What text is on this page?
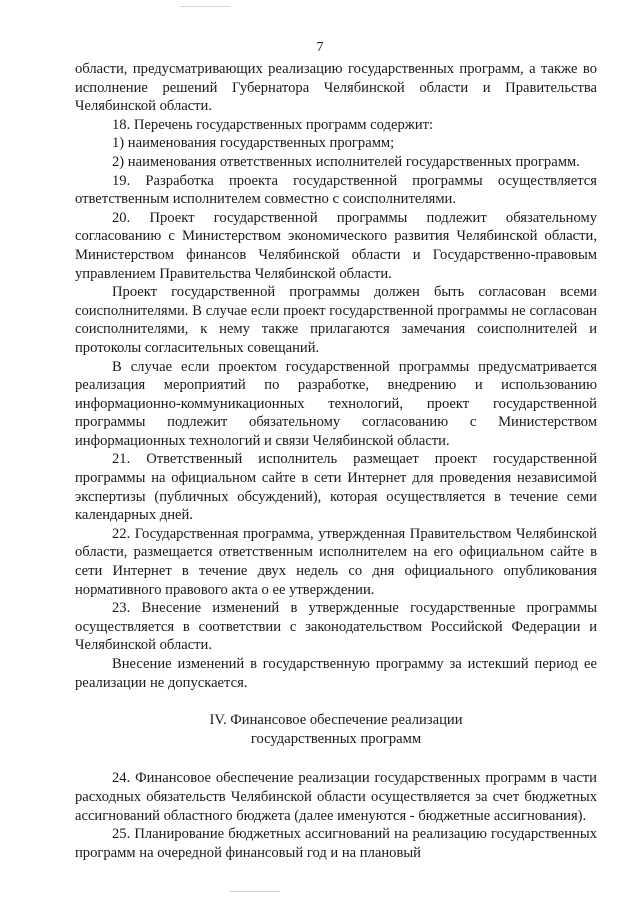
7

области, предусматривающих реализацию государственных программ, а также во исполнение решений Губернатора Челябинской области и Правительства Челябинской области.

18. Перечень государственных программ содержит:

1) наименования государственных программ;

2) наименования ответственных исполнителей государственных программ.

19. Разработка проекта государственной программы осуществляется ответственным исполнителем совместно с соисполнителями.

20. Проект государственной программы подлежит обязательному согласованию с Министерством экономического развития Челябинской области, Министерством финансов Челябинской области и Государственно-правовым управлением Правительства Челябинской области.

Проект государственной программы должен быть согласован всеми соисполнителями. В случае если проект государственной программы не согласован соисполнителями, к нему также прилагаются замечания соисполнителей и протоколы согласительных совещаний.

В случае если проектом государственной программы предусматривается реализация мероприятий по разработке, внедрению и использованию информационно-коммуникационных технологий, проект государственной программы подлежит обязательному согласованию с Министерством информационных технологий и связи Челябинской области.

21. Ответственный исполнитель размещает проект государственной программы на официальном сайте в сети Интернет для проведения независимой экспертизы (публичных обсуждений), которая осуществляется в течение семи календарных дней.

22. Государственная программа, утвержденная Правительством Челябинской области, размещается ответственным исполнителем на его официальном сайте в сети Интернет в течение двух недель со дня официального опубликования нормативного правового акта о ее утверждении.

23. Внесение изменений в утвержденные государственные программы осуществляется в соответствии с законодательством Российской Федерации и Челябинской области.

Внесение изменений в государственную программу за истекший период ее реализации не допускается.

IV. Финансовое обеспечение реализации
государственных программ

24. Финансовое обеспечение реализации государственных программ в части расходных обязательств Челябинской области осуществляется за счет бюджетных ассигнований областного бюджета (далее именуются - бюджетные ассигнования).

25. Планирование бюджетных ассигнований на реализацию государственных программ на очередной финансовый год и на плановый
